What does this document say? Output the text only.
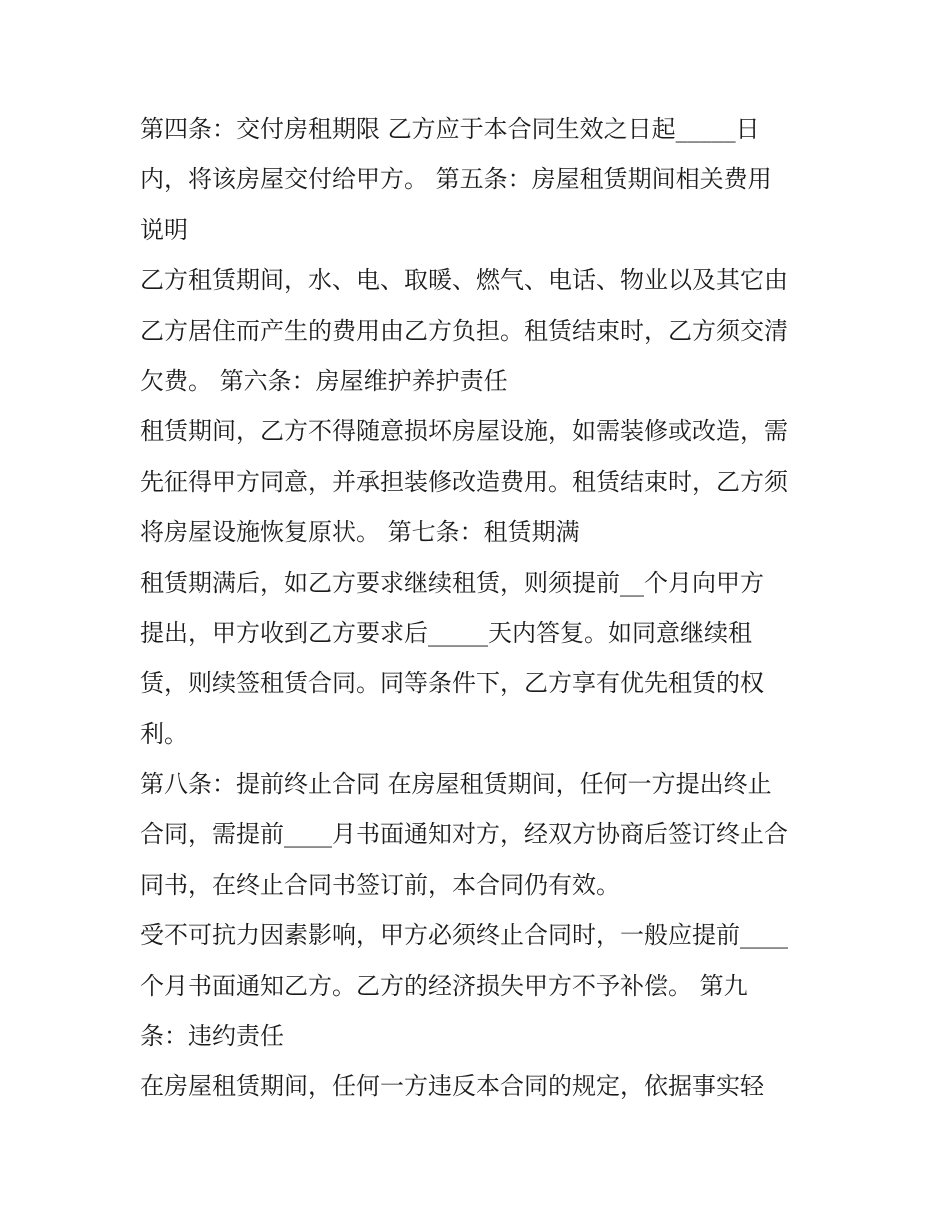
第四条：交付房租期限 乙方应于本合同生效之日起_____日
内，将该房屋交付给甲方。 第五条：房屋租赁期间相关费用
说明
乙方租赁期间，水、电、取暖、燃气、电话、物业以及其它由
乙方居住而产生的费用由乙方负担。租赁结束时，乙方须交清
欠费。 第六条：房屋维护养护责任
租赁期间，乙方不得随意损坏房屋设施，如需装修或改造，需
先征得甲方同意，并承担装修改造费用。租赁结束时，乙方须
将房屋设施恢复原状。 第七条：租赁期满
租赁期满后，如乙方要求继续租赁，则须提前__个月向甲方
提出，甲方收到乙方要求后_____天内答复。如同意继续租
赁，则续签租赁合同。同等条件下，乙方享有优先租赁的权
利。
第八条：提前终止合同 在房屋租赁期间，任何一方提出终止
合同，需提前____月书面通知对方，经双方协商后签订终止合
同书，在终止合同书签订前，本合同仍有效。
受不可抗力因素影响，甲方必须终止合同时，一般应提前____
个月书面通知乙方。乙方的经济损失甲方不予补偿。 第九
条：违约责任
在房屋租赁期间，任何一方违反本合同的规定，依据事实轻
